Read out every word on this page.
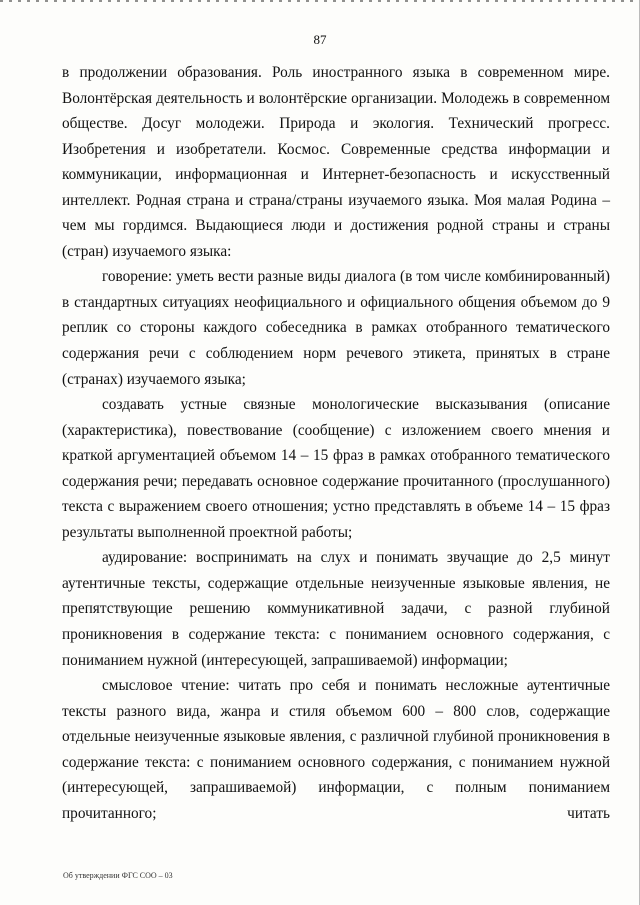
87

в продолжении образования. Роль иностранного языка в современном мире. Волонтёрская деятельность и волонтёрские организации. Молодежь в современном обществе. Досуг молодежи. Природа и экология. Технический прогресс. Изобретения и изобретатели. Космос. Современные средства информации и коммуникации, информационная и Интернет-безопасность и искусственный интеллект. Родная страна и страна/страны изучаемого языка. Моя малая Родина – чем мы гордимся. Выдающиеся люди и достижения родной страны и страны (стран) изучаемого языка:

говорение: уметь вести разные виды диалога (в том числе комбинированный) в стандартных ситуациях неофициального и официального общения объемом до 9 реплик со стороны каждого собеседника в рамках отобранного тематического содержания речи с соблюдением норм речевого этикета, принятых в стране (странах) изучаемого языка;

создавать устные связные монологические высказывания (описание (характеристика), повествование (сообщение) с изложением своего мнения и краткой аргументацией объемом 14 – 15 фраз в рамках отобранного тематического содержания речи; передавать основное содержание прочитанного (прослушанного) текста с выражением своего отношения; устно представлять в объеме 14 – 15 фраз результаты выполненной проектной работы;

аудирование: воспринимать на слух и понимать звучащие до 2,5 минут аутентичные тексты, содержащие отдельные неизученные языковые явления, не препятствующие решению коммуникативной задачи, с разной глубиной проникновения в содержание текста: с пониманием основного содержания, с пониманием нужной (интересующей, запрашиваемой) информации;

смысловое чтение: читать про себя и понимать несложные аутентичные тексты разного вида, жанра и стиля объемом 600 – 800 слов, содержащие отдельные неизученные языковые явления, с различной глубиной проникновения в содержание текста: с пониманием основного содержания, с пониманием нужной (интересующей, запрашиваемой) информации, с полным пониманием прочитанного; читать

Об утверждении ФГС СОО – 03
